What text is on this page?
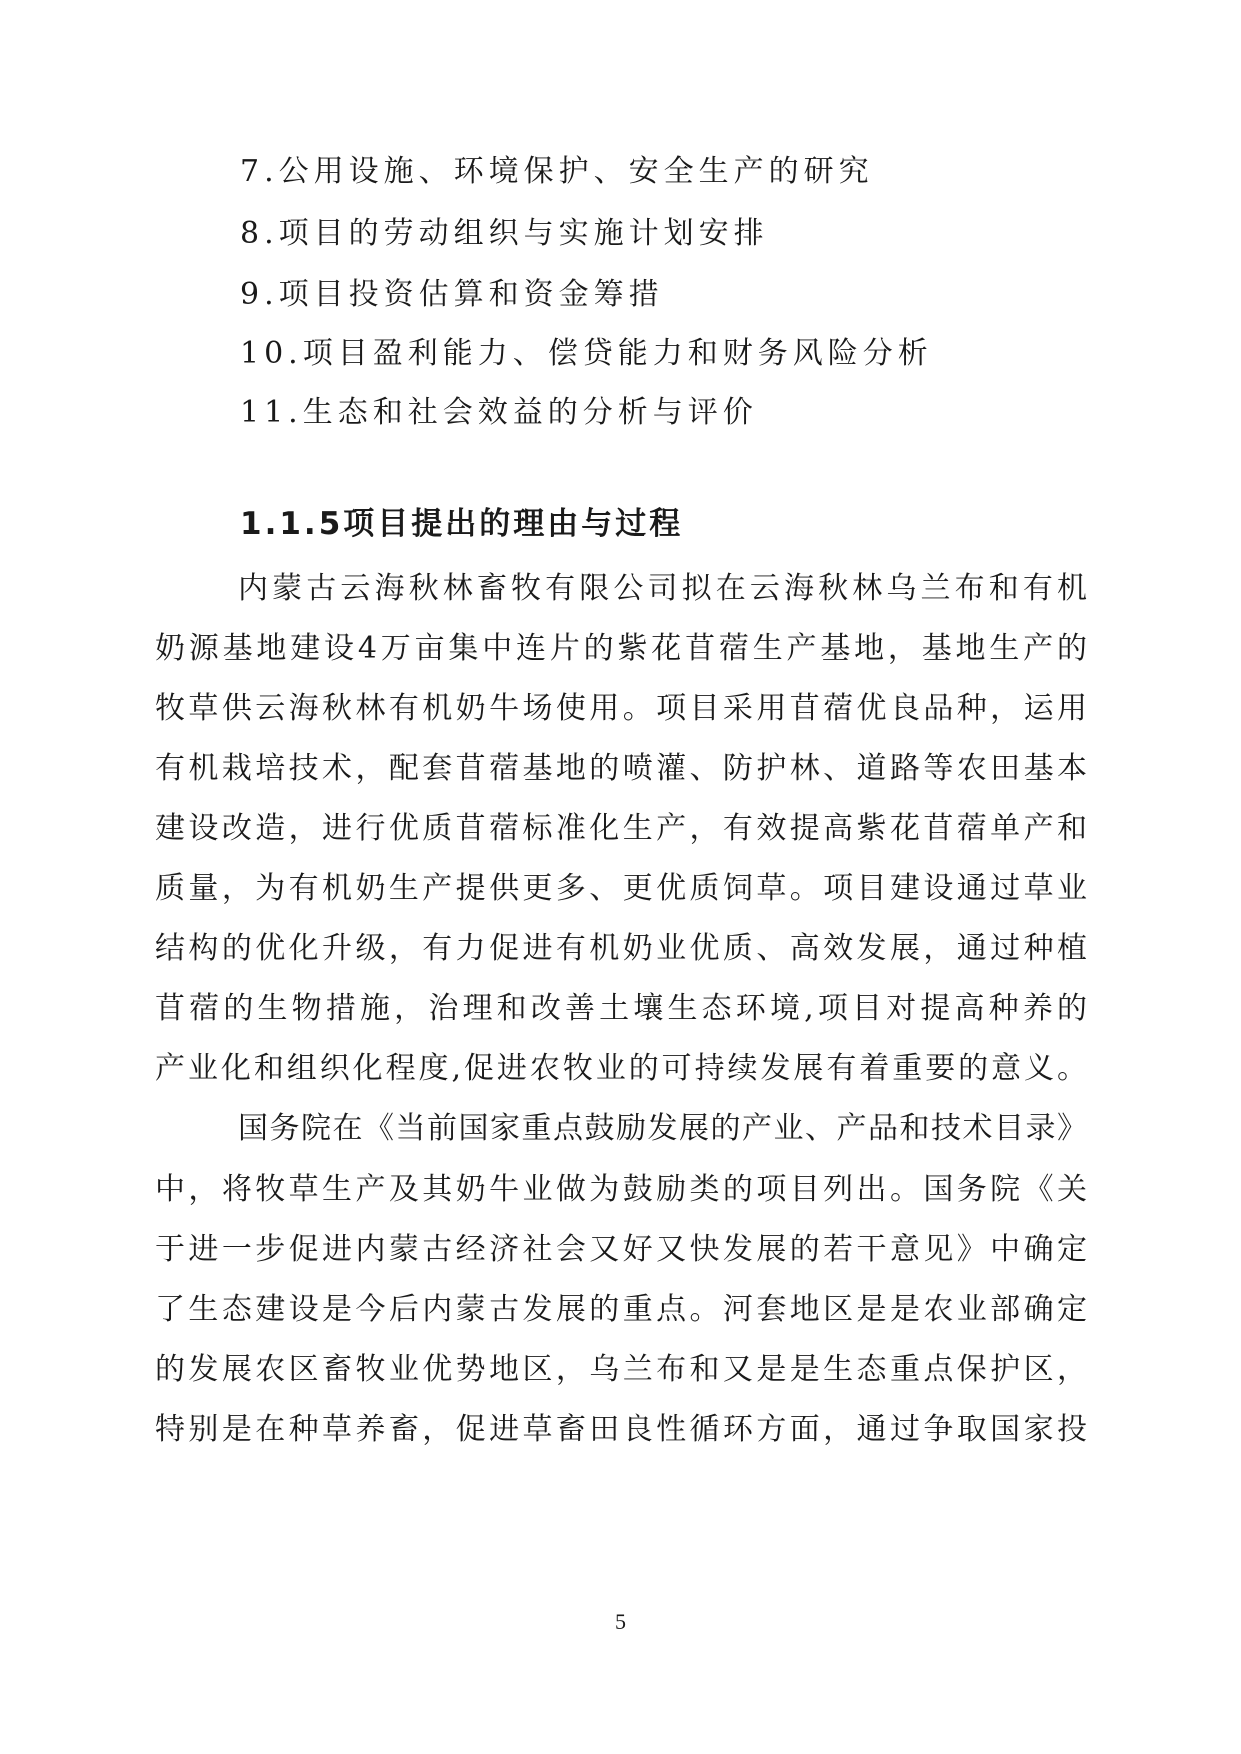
7.公用设施、环境保护、安全生产的研究
8.项目的劳动组织与实施计划安排
9.项目投资估算和资金筹措
10.项目盈利能力、偿贷能力和财务风险分析
11.生态和社会效益的分析与评价
1.1.5项目提出的理由与过程
内蒙古云海秋林畜牧有限公司拟在云海秋林乌兰布和有机
奶源基地建设4万亩集中连片的紫花苜蓿生产基地，基地生产的
牧草供云海秋林有机奶牛场使用。项目采用苜蓿优良品种，运用
有机栽培技术，配套苜蓿基地的喷灌、防护林、道路等农田基本
建设改造，进行优质苜蓿标准化生产，有效提高紫花苜蓿单产和
质量，为有机奶生产提供更多、更优质饲草。项目建设通过草业
结构的优化升级，有力促进有机奶业优质、高效发展，通过种植
苜蓿的生物措施，治理和改善土壤生态环境,项目对提高种养的
产业化和组织化程度,促进农牧业的可持续发展有着重要的意义。
国务院在《当前国家重点鼓励发展的产业、产品和技术目录》
中，将牧草生产及其奶牛业做为鼓励类的项目列出。国务院《关
于进一步促进内蒙古经济社会又好又快发展的若干意见》中确定
了生态建设是今后内蒙古发展的重点。河套地区是是农业部确定
的发展农区畜牧业优势地区，乌兰布和又是是生态重点保护区，
特别是在种草养畜，促进草畜田良性循环方面，通过争取国家投
5
